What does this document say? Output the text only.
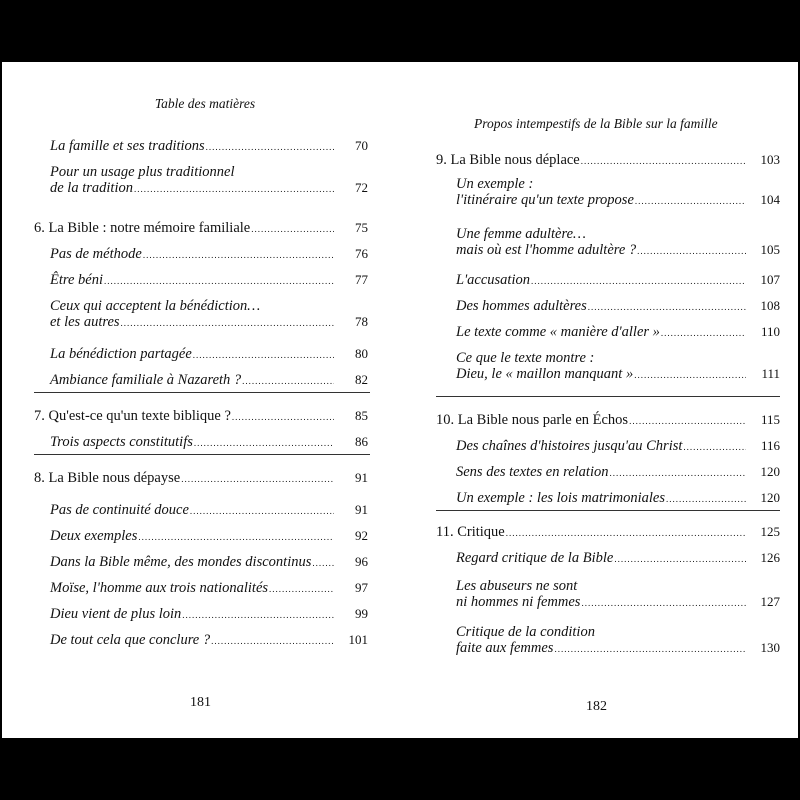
Table des matières
La famille et ses traditions .....	70
Pour un usage plus traditionnel
de la tradition .....	72
6. La Bible : notre mémoire familiale .....	75
Pas de méthode .....	76
Être béni .....	77
Ceux qui acceptent la bénédiction…
et les autres .....	78
La bénédiction partagée .....	80
Ambiance familiale à Nazareth ? .....	82
7. Qu'est-ce qu'un texte biblique ? .....	85
Trois aspects constitutifs .....	86
8. La Bible nous dépayse .....	91
Pas de continuité douce .....	91
Deux exemples .....	92
Dans la Bible même, des mondes discontinus .....	96
Moïse, l'homme aux trois nationalités .....	97
Dieu vient de plus loin .....	99
De tout cela que conclure ? .....	101
181
Propos intempestifs de la Bible sur la famille
9. La Bible nous déplace .....	103
Un exemple :
l'itinéraire qu'un texte propose .....	104
Une femme adultère…
mais où est l'homme adultère ? .....	105
L'accusation .....	107
Des hommes adultères .....	108
Le texte comme « manière d'aller » .....	110
Ce que le texte montre :
Dieu, le « maillon manquant » .....	111
10. La Bible nous parle en Échos .....	115
Des chaînes d'histoires jusqu'au Christ .....	116
Sens des textes en relation .....	120
Un exemple : les lois matrimoniales .....	120
11. Critique .....	125
Regard critique de la Bible .....	126
Les abuseurs ne sont
ni hommes ni femmes .....	127
Critique de la condition
faite aux femmes .....	130
182
